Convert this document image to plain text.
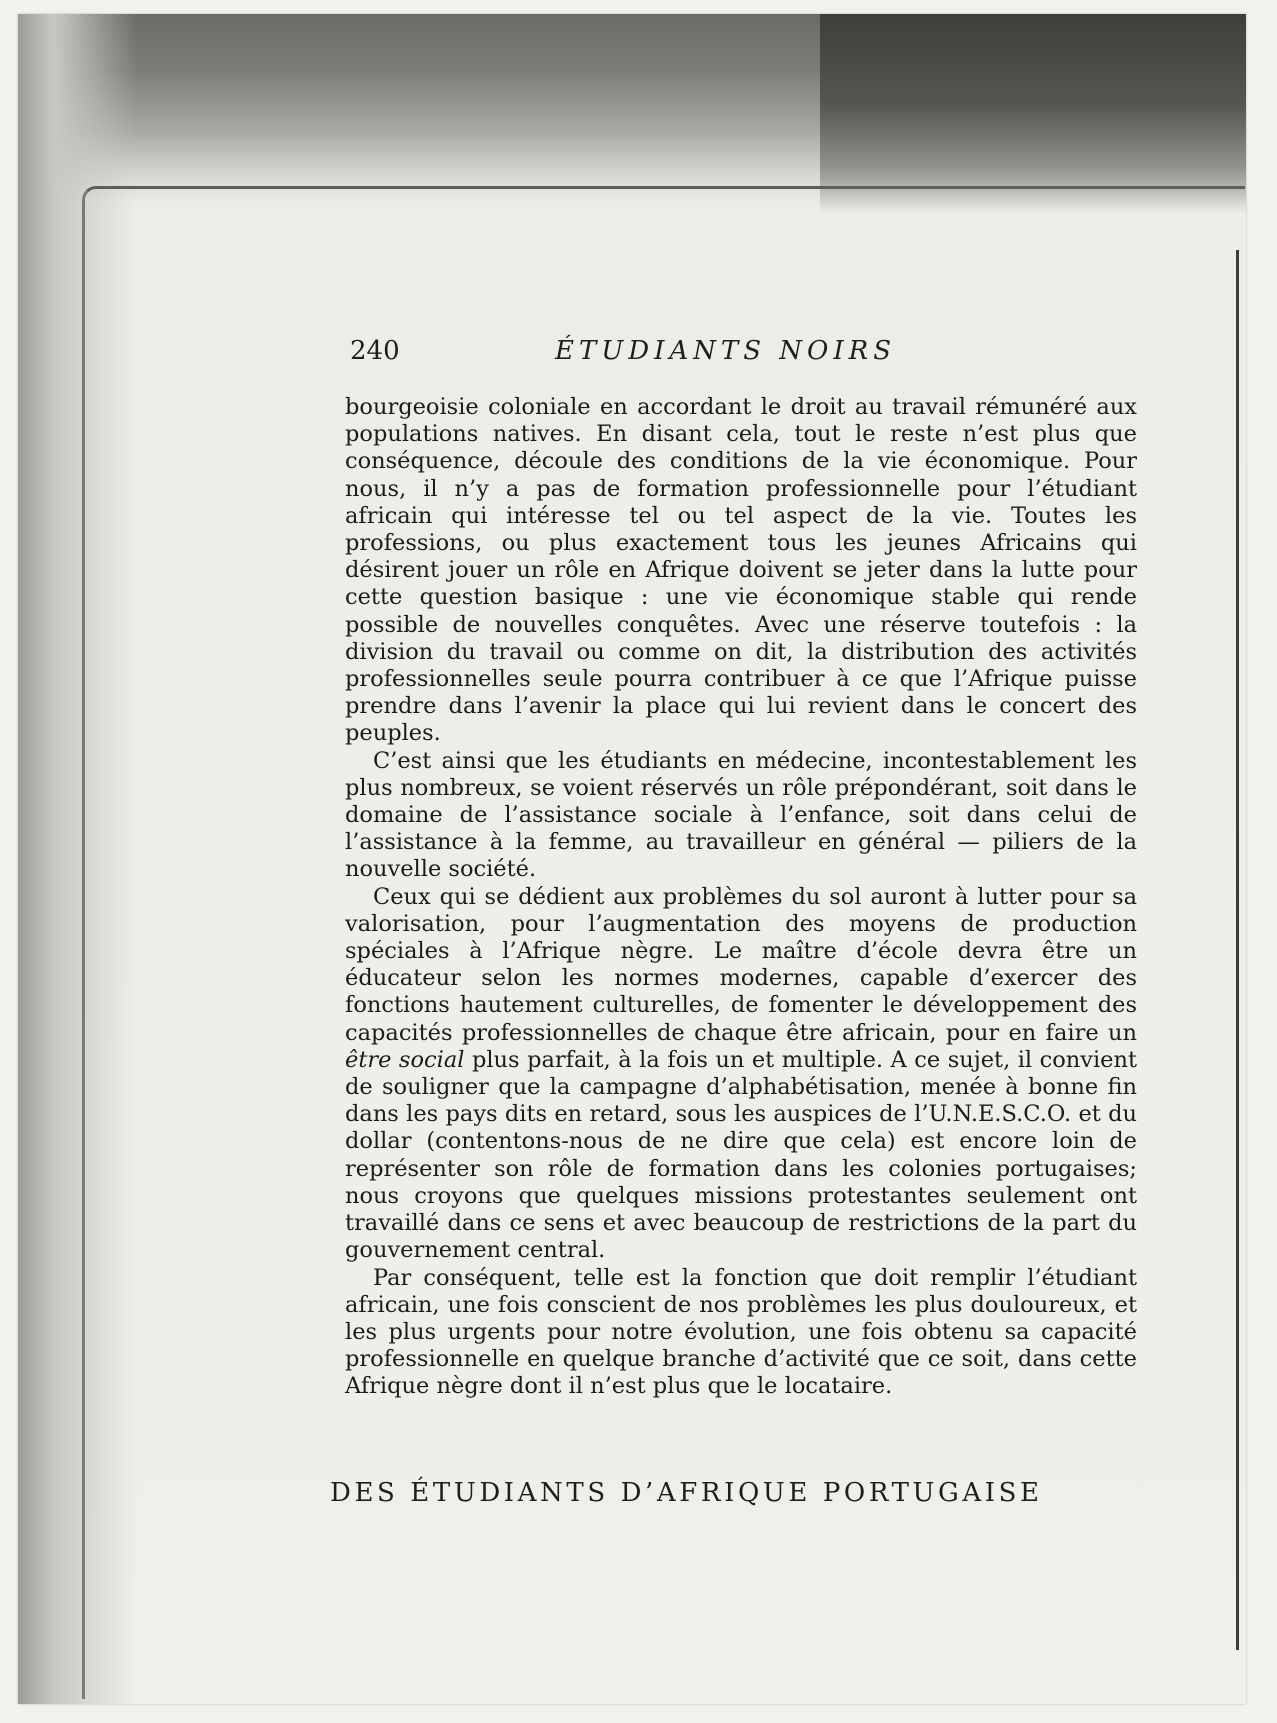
240	ÉTUDIANTS NOIRS

bourgeoisie coloniale en accordant le droit au travail rémunéré aux populations natives. En disant cela, tout le reste n’est plus que conséquence, découle des conditions de la vie économique. Pour nous, il n’y a pas de formation professionnelle pour l’étudiant africain qui intéresse tel ou tel aspect de la vie. Toutes les professions, ou plus exactement tous les jeunes Africains qui désirent jouer un rôle en Afrique doivent se jeter dans la lutte pour cette question basique : une vie économique stable qui rende possible de nouvelles conquêtes. Avec une réserve toutefois : la division du travail ou comme on dit, la distribution des activités professionnelles seule pourra contribuer à ce que l’Afrique puisse prendre dans l’avenir la place qui lui revient dans le concert des peuples.

C’est ainsi que les étudiants en médecine, incontestablement les plus nombreux, se voient réservés un rôle prépondérant, soit dans le domaine de l’assistance sociale à l’enfance, soit dans celui de l’assistance à la femme, au travailleur en général — piliers de la nouvelle société.

Ceux qui se dédient aux problèmes du sol auront à lutter pour sa valorisation, pour l’augmentation des moyens de production spéciales à l’Afrique nègre. Le maître d’école devra être un éducateur selon les normes modernes, capable d’exercer des fonctions hautement culturelles, de fomenter le développement des capacités professionnelles de chaque être africain, pour en faire un être social plus parfait, à la fois un et multiple. A ce sujet, il convient de souligner que la campagne d’alphabétisation, menée à bonne fin dans les pays dits en retard, sous les auspices de l’U.N.E.S.C.O. et du dollar (contentons-nous de ne dire que cela) est encore loin de représenter son rôle de formation dans les colonies portugaises; nous croyons que quelques missions protestantes seulement ont travaillé dans ce sens et avec beaucoup de restrictions de la part du gouvernement central.

Par conséquent, telle est la fonction que doit remplir l’étudiant africain, une fois conscient de nos problèmes les plus douloureux, et les plus urgents pour notre évolution, une fois obtenu sa capacité professionnelle en quelque branche d’activité que ce soit, dans cette Afrique nègre dont il n’est plus que le locataire.

DES ÉTUDIANTS D’AFRIQUE PORTUGAISE
